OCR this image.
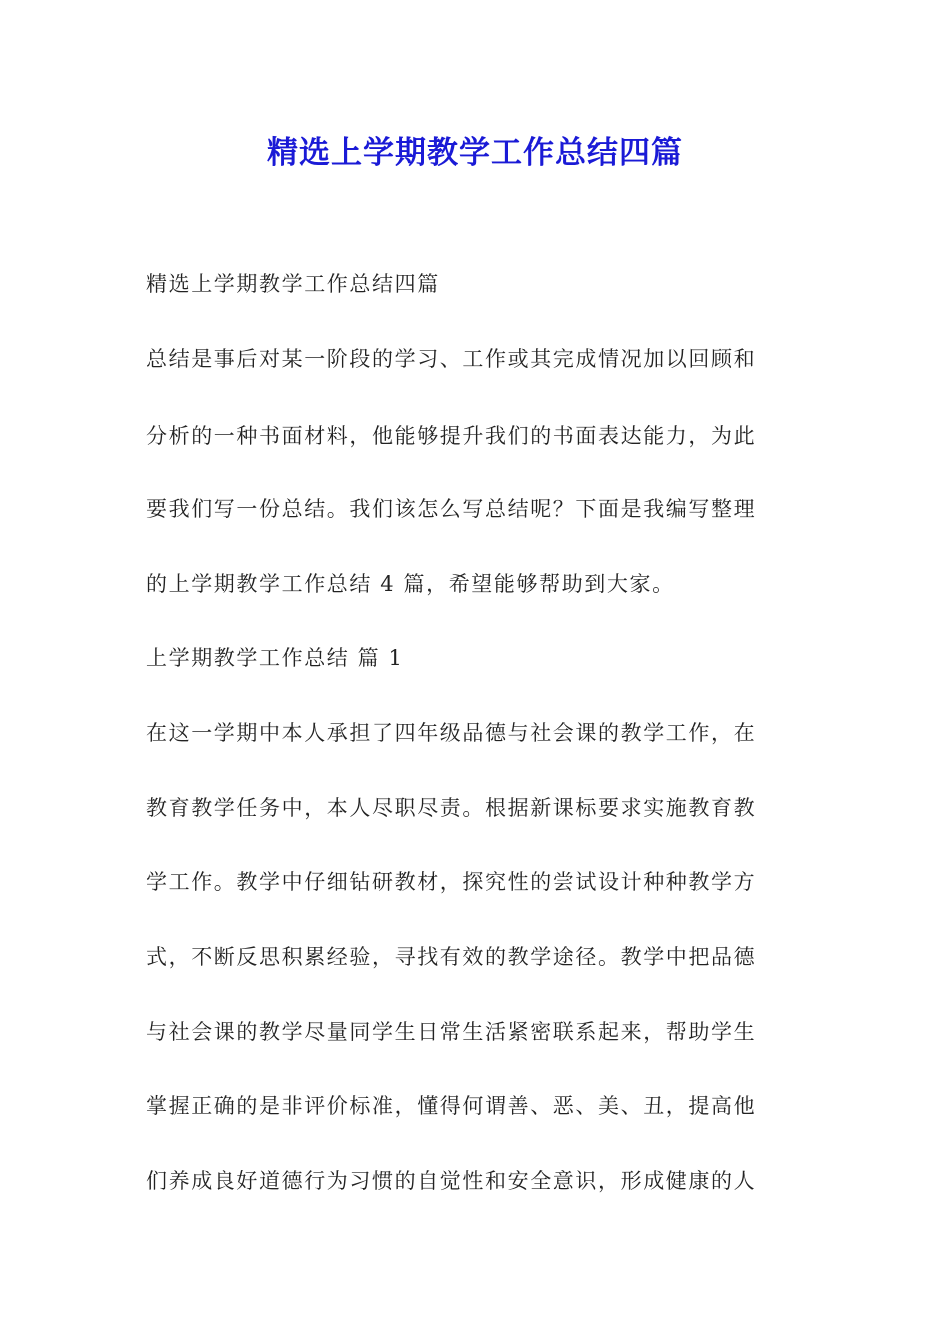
精选上学期教学工作总结四篇
精选上学期教学工作总结四篇
总结是事后对某一阶段的学习、工作或其完成情况加以回顾和
分析的一种书面材料，他能够提升我们的书面表达能力，为此
要我们写一份总结。我们该怎么写总结呢？下面是我编写整理
的上学期教学工作总结 4 篇，希望能够帮助到大家。
上学期教学工作总结 篇 1
在这一学期中本人承担了四年级品德与社会课的教学工作，在
教育教学任务中，本人尽职尽责。根据新课标要求实施教育教
学工作。教学中仔细钻研教材，探究性的尝试设计种种教学方
式，不断反思积累经验，寻找有效的教学途径。教学中把品德
与社会课的教学尽量同学生日常生活紧密联系起来，帮助学生
掌握正确的是非评价标准，懂得何谓善、恶、美、丑，提高他
们养成良好道德行为习惯的自觉性和安全意识，形成健康的人
